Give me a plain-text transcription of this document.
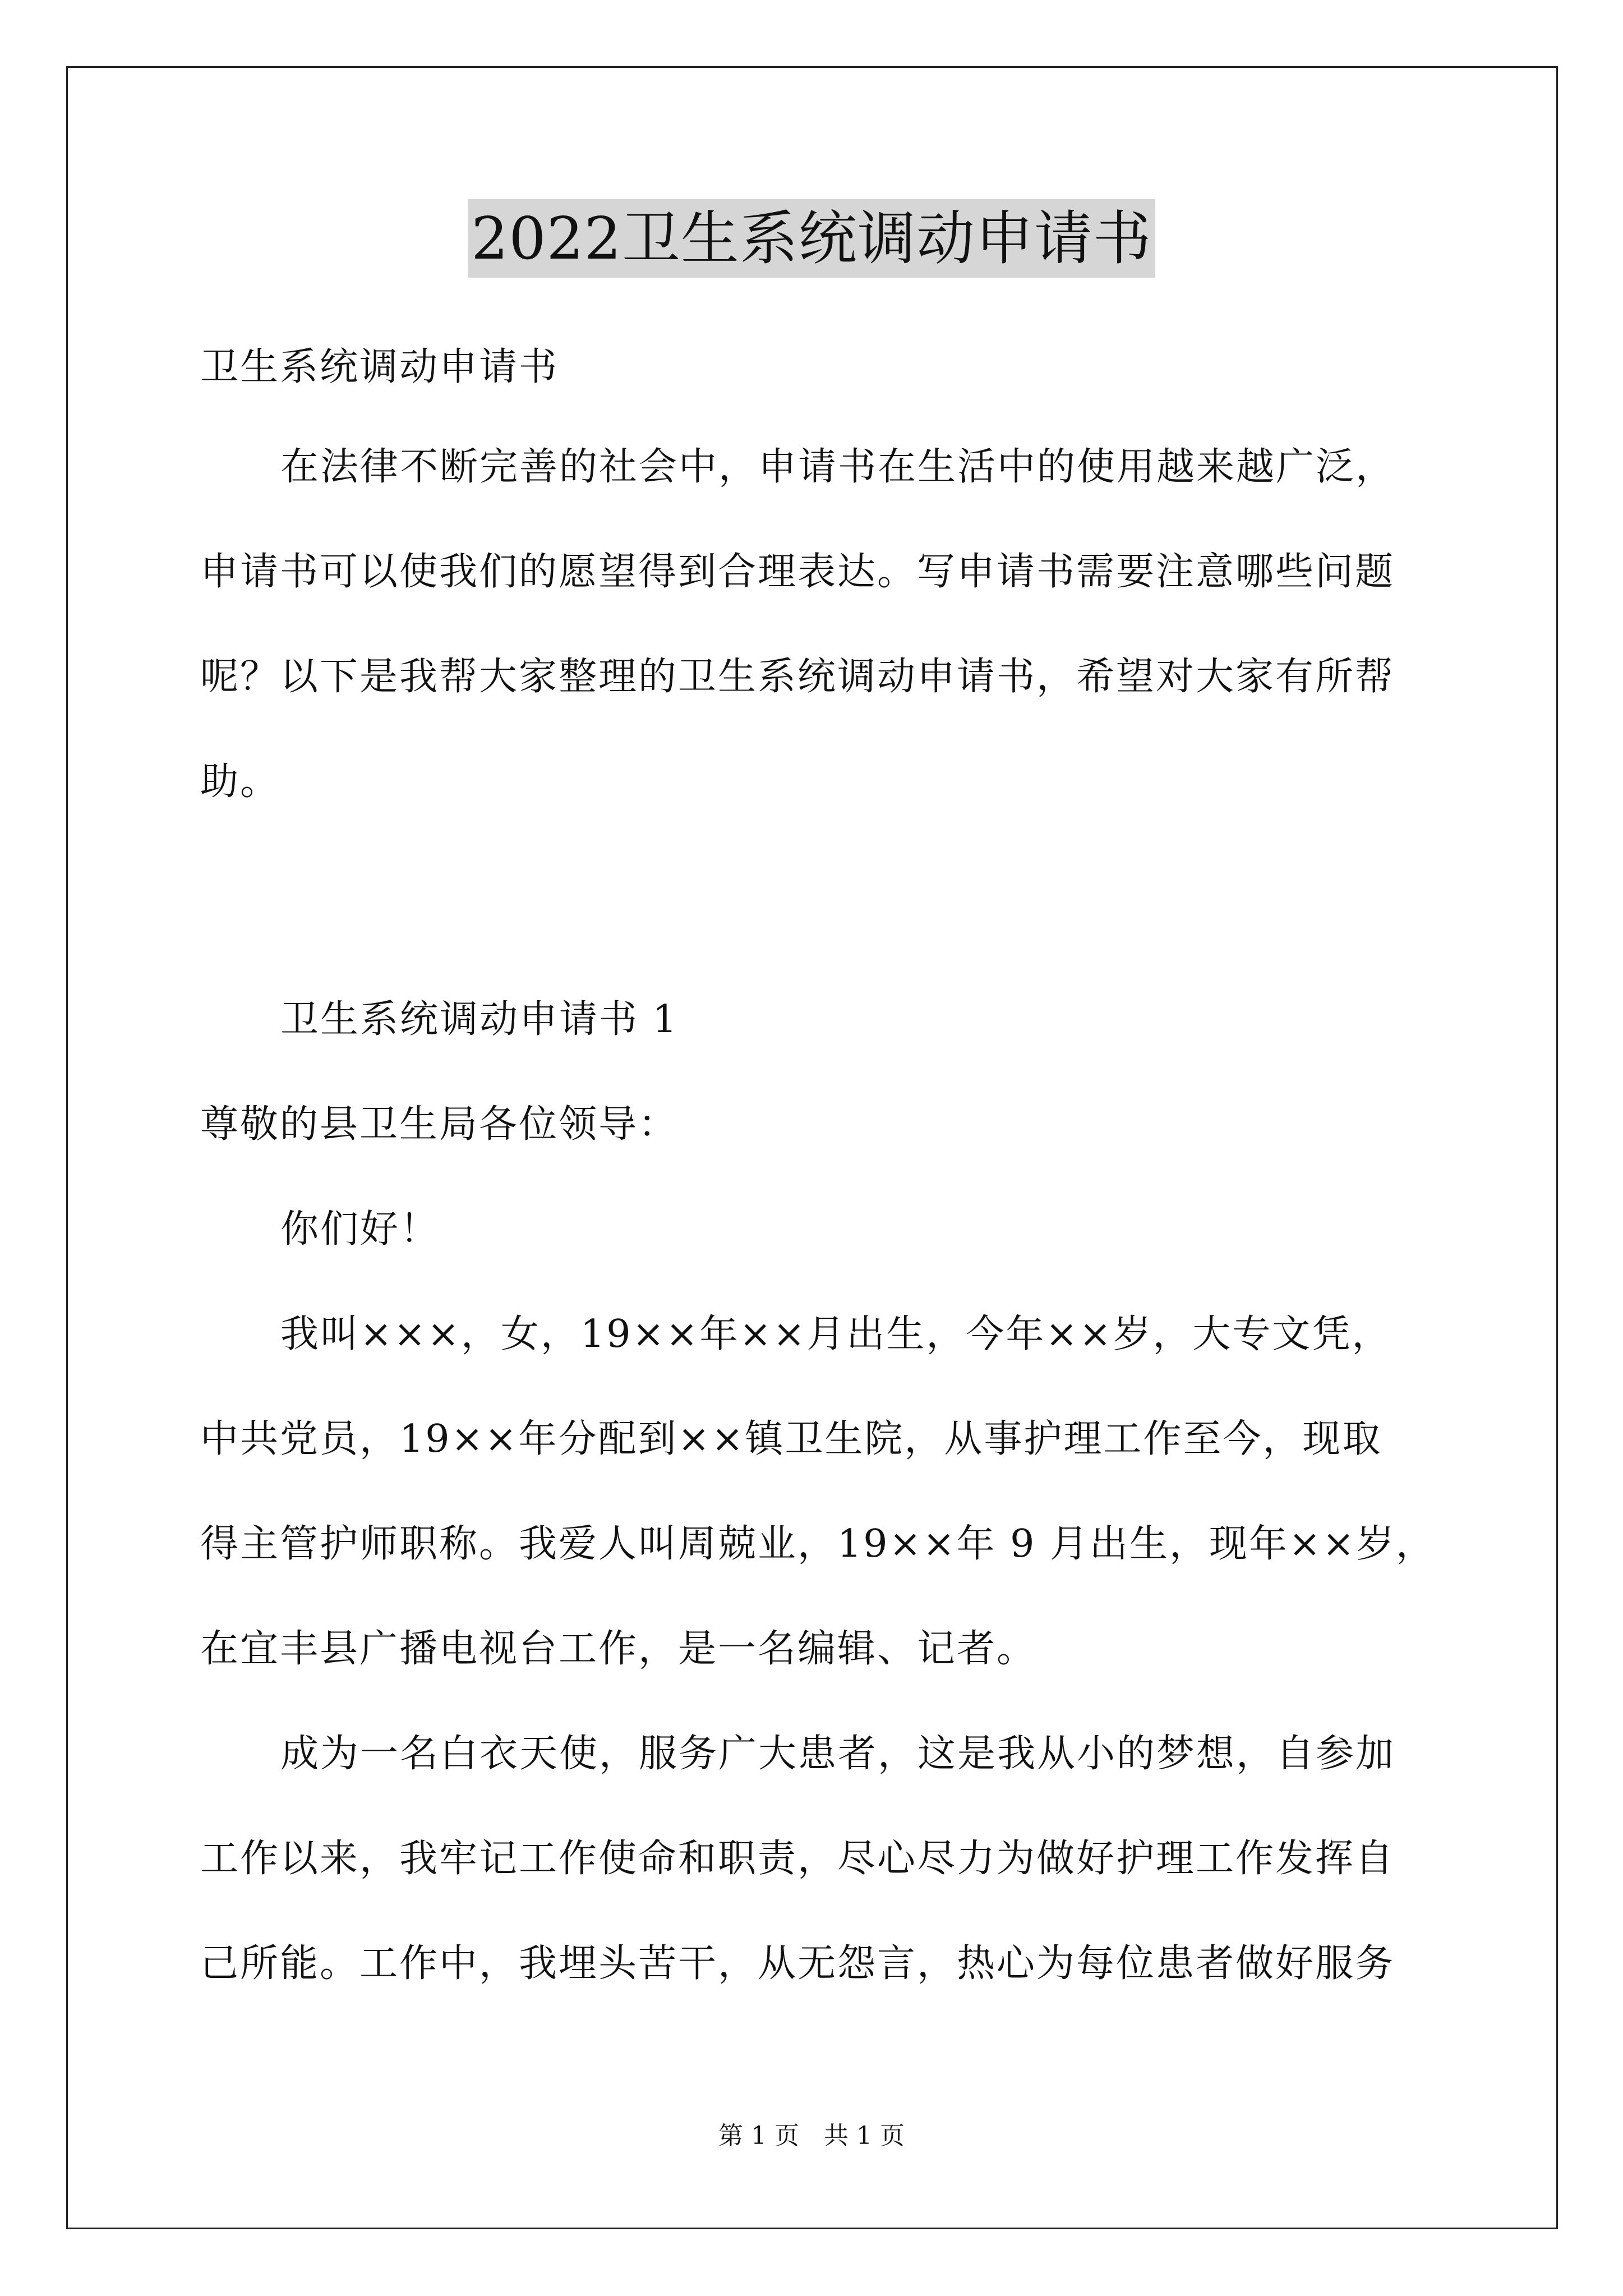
2022卫生系统调动申请书
卫生系统调动申请书
在法律不断完善的社会中，申请书在生活中的使用越来越广泛，
申请书可以使我们的愿望得到合理表达。写申请书需要注意哪些问题
呢？以下是我帮大家整理的卫生系统调动申请书，希望对大家有所帮
助。
卫生系统调动申请书 1
尊敬的县卫生局各位领导：
你们好！
我叫×××，女，19××年××月出生，今年××岁，大专文凭，
中共党员，19××年分配到××镇卫生院，从事护理工作至今，现取
得主管护师职称。我爱人叫周兢业，19××年 9 月出生，现年××岁，
在宜丰县广播电视台工作，是一名编辑、记者。
成为一名白衣天使，服务广大患者，这是我从小的梦想，自参加
工作以来，我牢记工作使命和职责，尽心尽力为做好护理工作发挥自
己所能。工作中，我埋头苦干，从无怨言，热心为每位患者做好服务
第 1 页　共 1 页
